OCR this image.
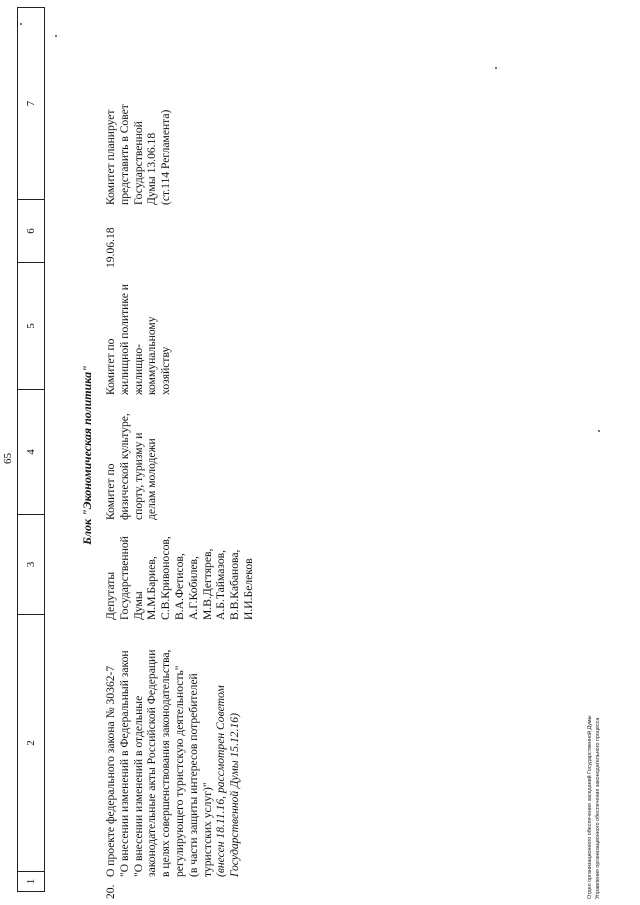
65
1
2
3
4
5
6
7
Блок "Экономическая политика"
20.
О проекте федерального закона № 30362-7 "О внесении изменений в Федеральный закон "О внесении изменений в отдельные законодательные акты Российской Федерации в целях совершенствования законодательства, регулирующего туристскую деятельность" (в части защиты интересов потребителей туристских услуг)" (внесен 18.11.16, рассмотрен Советом Государственной Думы 15.12.16)
Депутаты Государственной Думы М.М.Бариев, С.В.Кривоносов, В.А.Фетисов, А.Г.Кобилев, М.В.Дегтярев, А.Б.Таймазов, В.В.Кабанова, И.И.Белеков
Комитет по физической культуре, спорту, туризму и делам молодежи
Комитет по жилищной политике и жилищно- коммунальному хозяйству
19.06.18
Комитет планирует представить в Совет Государственной Думы 13.06.18 (ст.114 Регламента)
Отдел организационного обеспечения заседаний Государственной Думы Управления организационного обеспечения законодательного процесса
